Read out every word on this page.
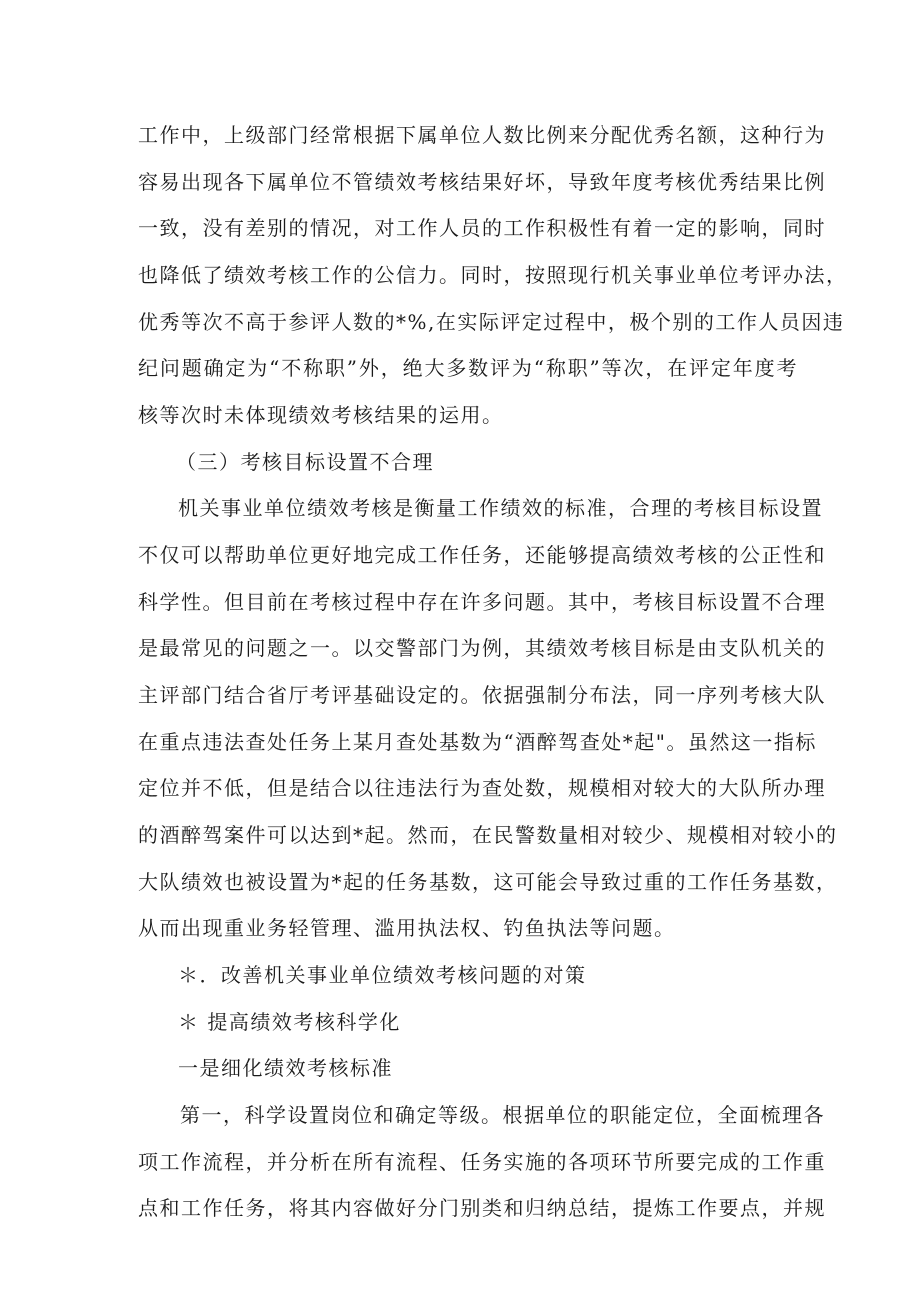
工作中，上级部门经常根据下属单位人数比例来分配优秀名额，这种行为
容易出现各下属单位不管绩效考核结果好坏，导致年度考核优秀结果比例
一致，没有差别的情况，对工作人员的工作积极性有着一定的影响，同时
也降低了绩效考核工作的公信力。同时，按照现行机关事业单位考评办法，
优秀等次不高于参评人数的*%,在实际评定过程中，极个别的工作人员因违
纪问题确定为“不称职”外，绝大多数评为“称职”等次，在评定年度考
核等次时未体现绩效考核结果的运用。
（三）考核目标设置不合理
机关事业单位绩效考核是衡量工作绩效的标准，合理的考核目标设置
不仅可以帮助单位更好地完成工作任务，还能够提高绩效考核的公正性和
科学性。但目前在考核过程中存在许多问题。其中，考核目标设置不合理
是最常见的问题之一。以交警部门为例，其绩效考核目标是由支队机关的
主评部门结合省厅考评基础设定的。依据强制分布法，同一序列考核大队
在重点违法查处任务上某月查处基数为“酒醉驾查处*起"。虽然这一指标
定位并不低，但是结合以往违法行为查处数，规模相对较大的大队所办理
的酒醉驾案件可以达到*起。然而，在民警数量相对较少、规模相对较小的
大队绩效也被设置为*起的任务基数，这可能会导致过重的工作任务基数，
从而出现重业务轻管理、滥用执法权、钓鱼执法等问题。
＊．改善机关事业单位绩效考核问题的对策
＊ 提高绩效考核科学化
一是细化绩效考核标准
第一，科学设置岗位和确定等级。根据单位的职能定位，全面梳理各
项工作流程，并分析在所有流程、任务实施的各项环节所要完成的工作重
点和工作任务，将其内容做好分门别类和归纳总结，提炼工作要点，并规
